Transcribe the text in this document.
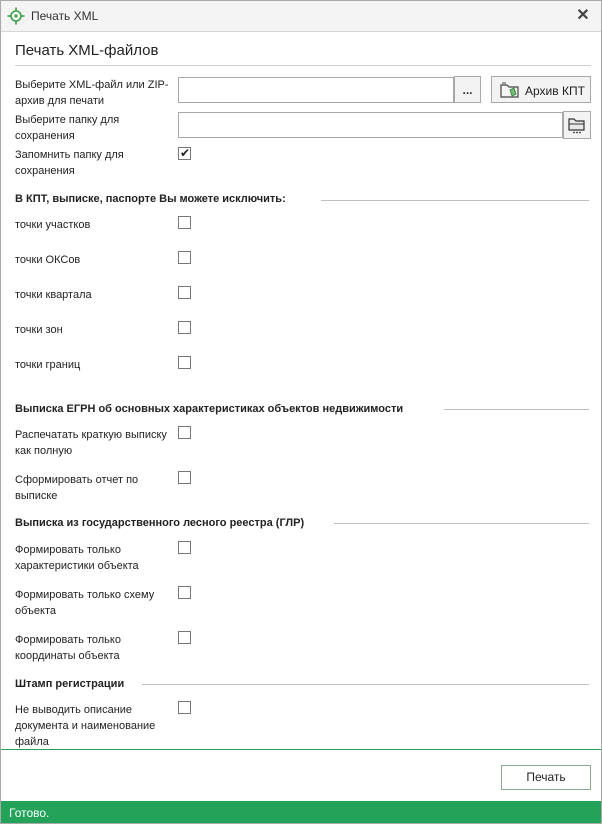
Печать XML	✕
Печать XML-файлов
Выберите XML-файл или ZIP-архив для печати
...	Архив КПТ
Выберите папку для сохранения
Запомнить папку для сохранения
✔
В КПТ, выписке, паспорте Вы можете исключить:
точки участков
точки ОКСов
точки квартала
точки зон
точки границ
Выписка ЕГРН об основных характеристиках объектов недвижимости
Распечатать краткую выписку как полную
Сформировать отчет по выписке
Выписка из государственного лесного реестра (ГЛР)
Формировать только характеристики объекта
Формировать только схему объекта
Формировать только координаты объекта
Штамп регистрации
Не выводить описание документа и наименование файла
Печать
Готово.
